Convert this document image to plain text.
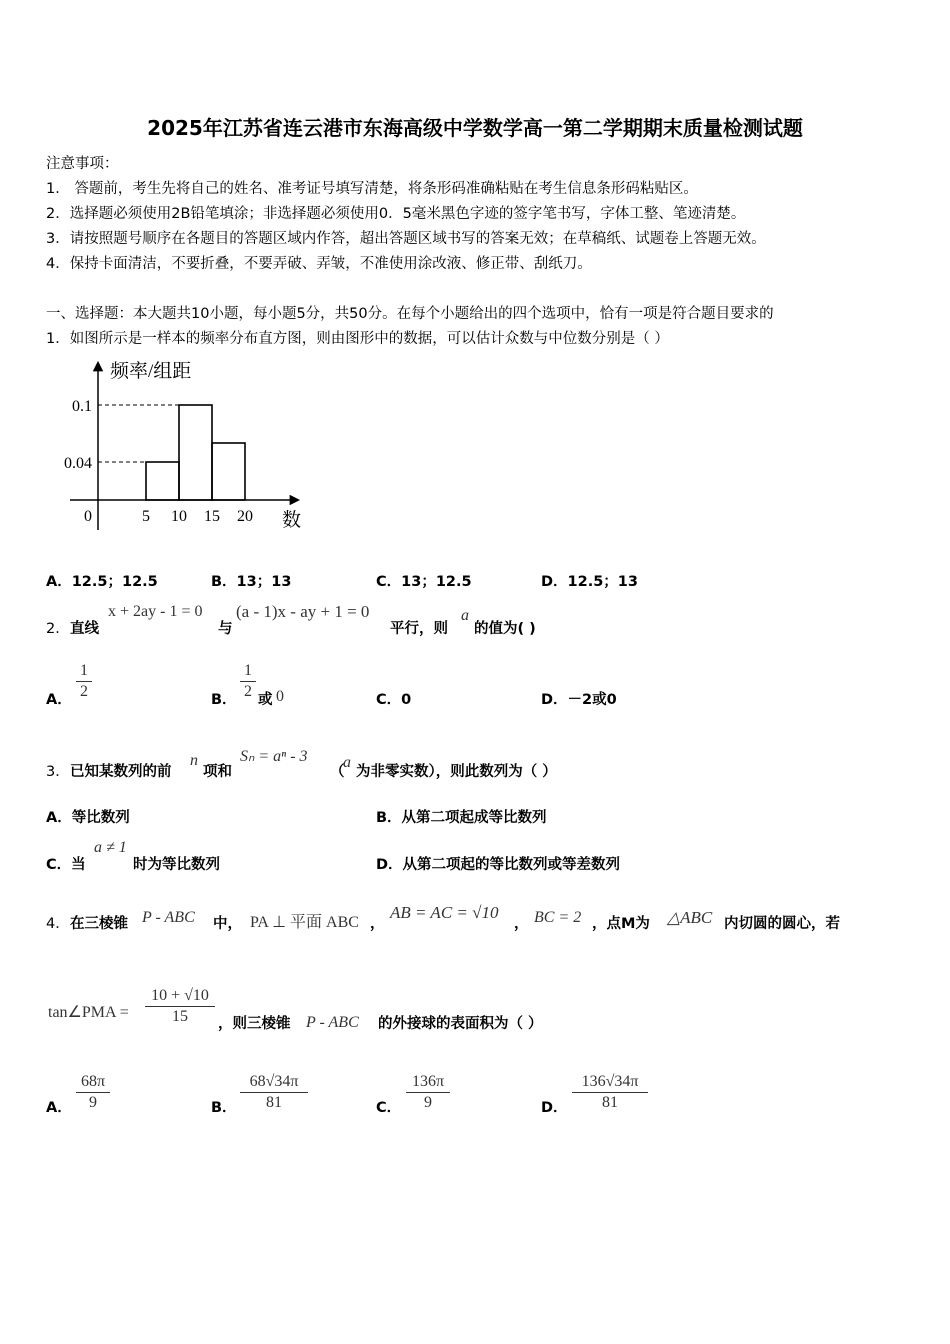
2025年江苏省连云港市东海高级中学数学高一第二学期期末质量检测试题
注意事项：
1． 答题前，考生先将自己的姓名、准考证号填写清楚，将条形码准确粘贴在考生信息条形码粘贴区。
2．选择题必须使用2B铅笔填涂；非选择题必须使用0．5毫米黑色字迹的签字笔书写，字体工整、笔迹清楚。
3．请按照题号顺序在各题目的答题区域内作答，超出答题区域书写的答案无效；在草稿纸、试题卷上答题无效。
4．保持卡面清洁，不要折叠，不要弄破、弄皱，不准使用涂改液、修正带、刮纸刀。
一、选择题：本大题共10小题，每小题5分，共50分。在每个小题给出的四个选项中，恰有一项是符合题目要求的
1．如图所示是一样本的频率分布直方图，则由图形中的数据，可以估计众数与中位数分别是（ ）
0.04
0.1
5 10 15 20
频率/组距
数
0
A．12.5；12.5	B．13；13	C．13；12.5	D．12.5；13
2． 直线
x + 2ay - 1 = 0
与
(a - 1)x - ay + 1 = 0
平行，则
a
的值为( )
A．
1
2	B．
1
2 或 0	C．0	D．－2或0
3． 已知某数列的前
n
项和
Sₙ = aⁿ - 3
（
a
为非零实数），则此数列为（ ）
A．等比数列	B．从第二项起成等比数列
C．当
a ≠ 1
时为等比数列	D．从第二项起的等比数列或等差数列
4． 在三棱锥 P - ABC 中， PA ⊥ 平面 ABC ，
AB = AC = √10
， BC = 2 ，点M为 △ABC 内切圆的圆心，若
tan∠PMA =
10 + √10
15	，则三棱锥 P - ABC 的外接球的表面积为（ ）
A．
68π
9	B．
68√34π
81	C．
136π
9	D．
136√34π
81
